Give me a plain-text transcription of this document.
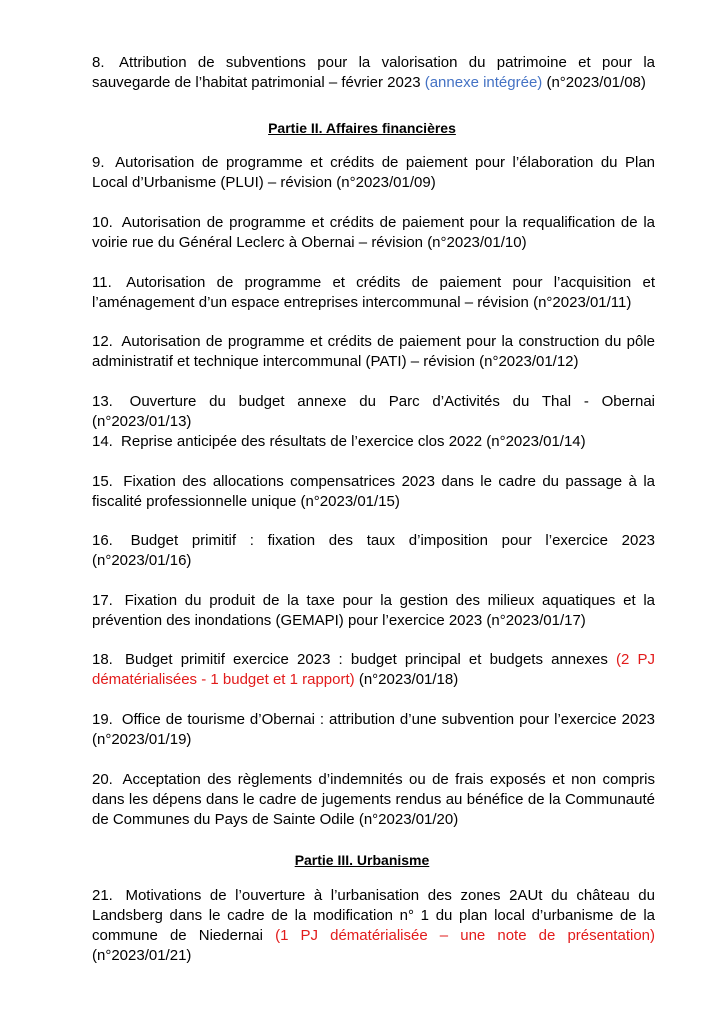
8. Attribution de subventions pour la valorisation du patrimoine et pour la sauvegarde de l’habitat patrimonial – février 2023 (annexe intégrée) (n°2023/01/08)

Partie II. Affaires financières

9. Autorisation de programme et crédits de paiement pour l’élaboration du Plan Local d’Urbanisme (PLUI) – révision (n°2023/01/09)

10. Autorisation de programme et crédits de paiement pour la requalification de la voirie rue du Général Leclerc à Obernai – révision (n°2023/01/10)

11. Autorisation de programme et crédits de paiement pour l’acquisition et l’aménagement d’un espace entreprises intercommunal – révision (n°2023/01/11)

12. Autorisation de programme et crédits de paiement pour la construction du pôle administratif et technique intercommunal (PATI) – révision (n°2023/01/12)

13. Ouverture du budget annexe du Parc d’Activités du Thal - Obernai (n°2023/01/13)

14. Reprise anticipée des résultats de l’exercice clos 2022 (n°2023/01/14)

15. Fixation des allocations compensatrices 2023 dans le cadre du passage à la fiscalité professionnelle unique (n°2023/01/15)

16. Budget primitif : fixation des taux d’imposition pour l’exercice 2023 (n°2023/01/16)

17. Fixation du produit de la taxe pour la gestion des milieux aquatiques et la prévention des inondations (GEMAPI) pour l’exercice 2023 (n°2023/01/17)

18. Budget primitif exercice 2023 : budget principal et budgets annexes (2 PJ dématérialisées - 1 budget et 1 rapport) (n°2023/01/18)

19. Office de tourisme d’Obernai : attribution d’une subvention pour l’exercice 2023 (n°2023/01/19)

20. Acceptation des règlements d’indemnités ou de frais exposés et non compris dans les dépens dans le cadre de jugements rendus au bénéfice de la Communauté de Communes du Pays de Sainte Odile (n°2023/01/20)

Partie III. Urbanisme

21. Motivations de l’ouverture à l’urbanisation des zones 2AUt du château du Landsberg dans le cadre de la modification n° 1 du plan local d’urbanisme de la commune de Niedernai (1 PJ dématérialisée – une note de présentation) (n°2023/01/21)
